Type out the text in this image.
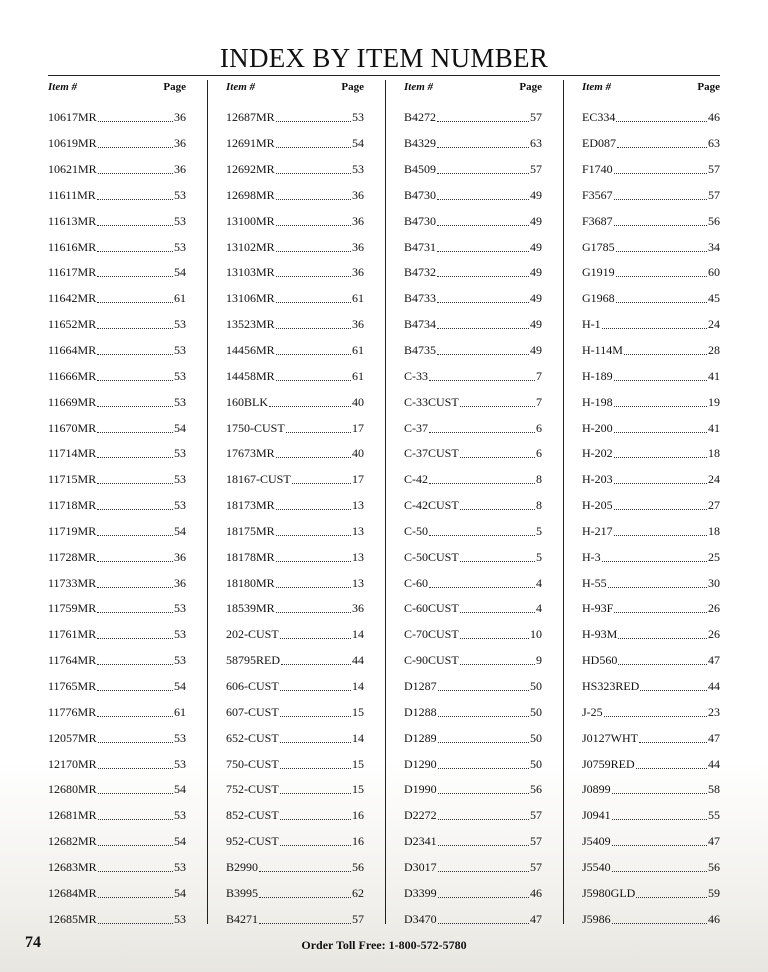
INDEX BY ITEM NUMBER
Item #	Page
10617MR	36
10619MR	36
10621MR	36
11611MR	53
11613MR	53
11616MR	53
11617MR	54
11642MR	61
11652MR	53
11664MR	53
11666MR	53
11669MR	53
11670MR	54
11714MR	53
11715MR	53
11718MR	53
11719MR	54
11728MR	36
11733MR	36
11759MR	53
11761MR	53
11764MR	53
11765MR	54
11776MR	61
12057MR	53
12170MR	53
12680MR	54
12681MR	53
12682MR	54
12683MR	53
12684MR	54
12685MR	53
Item #	Page
12687MR	53
12691MR	54
12692MR	53
12698MR	36
13100MR	36
13102MR	36
13103MR	36
13106MR	61
13523MR	36
14456MR	61
14458MR	61
160BLK	40
1750-CUST	17
17673MR	40
18167-CUST	17
18173MR	13
18175MR	13
18178MR	13
18180MR	13
18539MR	36
202-CUST	14
58795RED	44
606-CUST	14
607-CUST	15
652-CUST	14
750-CUST	15
752-CUST	15
852-CUST	16
952-CUST	16
B2990	56
B3995	62
B4271	57
Item #	Page
B4272	57
B4329	63
B4509	57
B4730	49
B4730	49
B4731	49
B4732	49
B4733	49
B4734	49
B4735	49
C-33	7
C-33CUST	7
C-37	6
C-37CUST	6
C-42	8
C-42CUST	8
C-50	5
C-50CUST	5
C-60	4
C-60CUST	4
C-70CUST	10
C-90CUST	9
D1287	50
D1288	50
D1289	50
D1290	50
D1990	56
D2272	57
D2341	57
D3017	57
D3399	46
D3470	47
Item #	Page
EC334	46
ED087	63
F1740	57
F3567	57
F3687	56
G1785	34
G1919	60
G1968	45
H-1	24
H-114M	28
H-189	41
H-198	19
H-200	41
H-202	18
H-203	24
H-205	27
H-217	18
H-3	25
H-55	30
H-93F	26
H-93M	26
HD560	47
HS323RED	44
J-25	23
J0127WHT	47
J0759RED	44
J0899	58
J0941	55
J5409	47
J5540	56
J5980GLD	59
J5986	46
74	Order Toll Free: 1-800-572-5780
